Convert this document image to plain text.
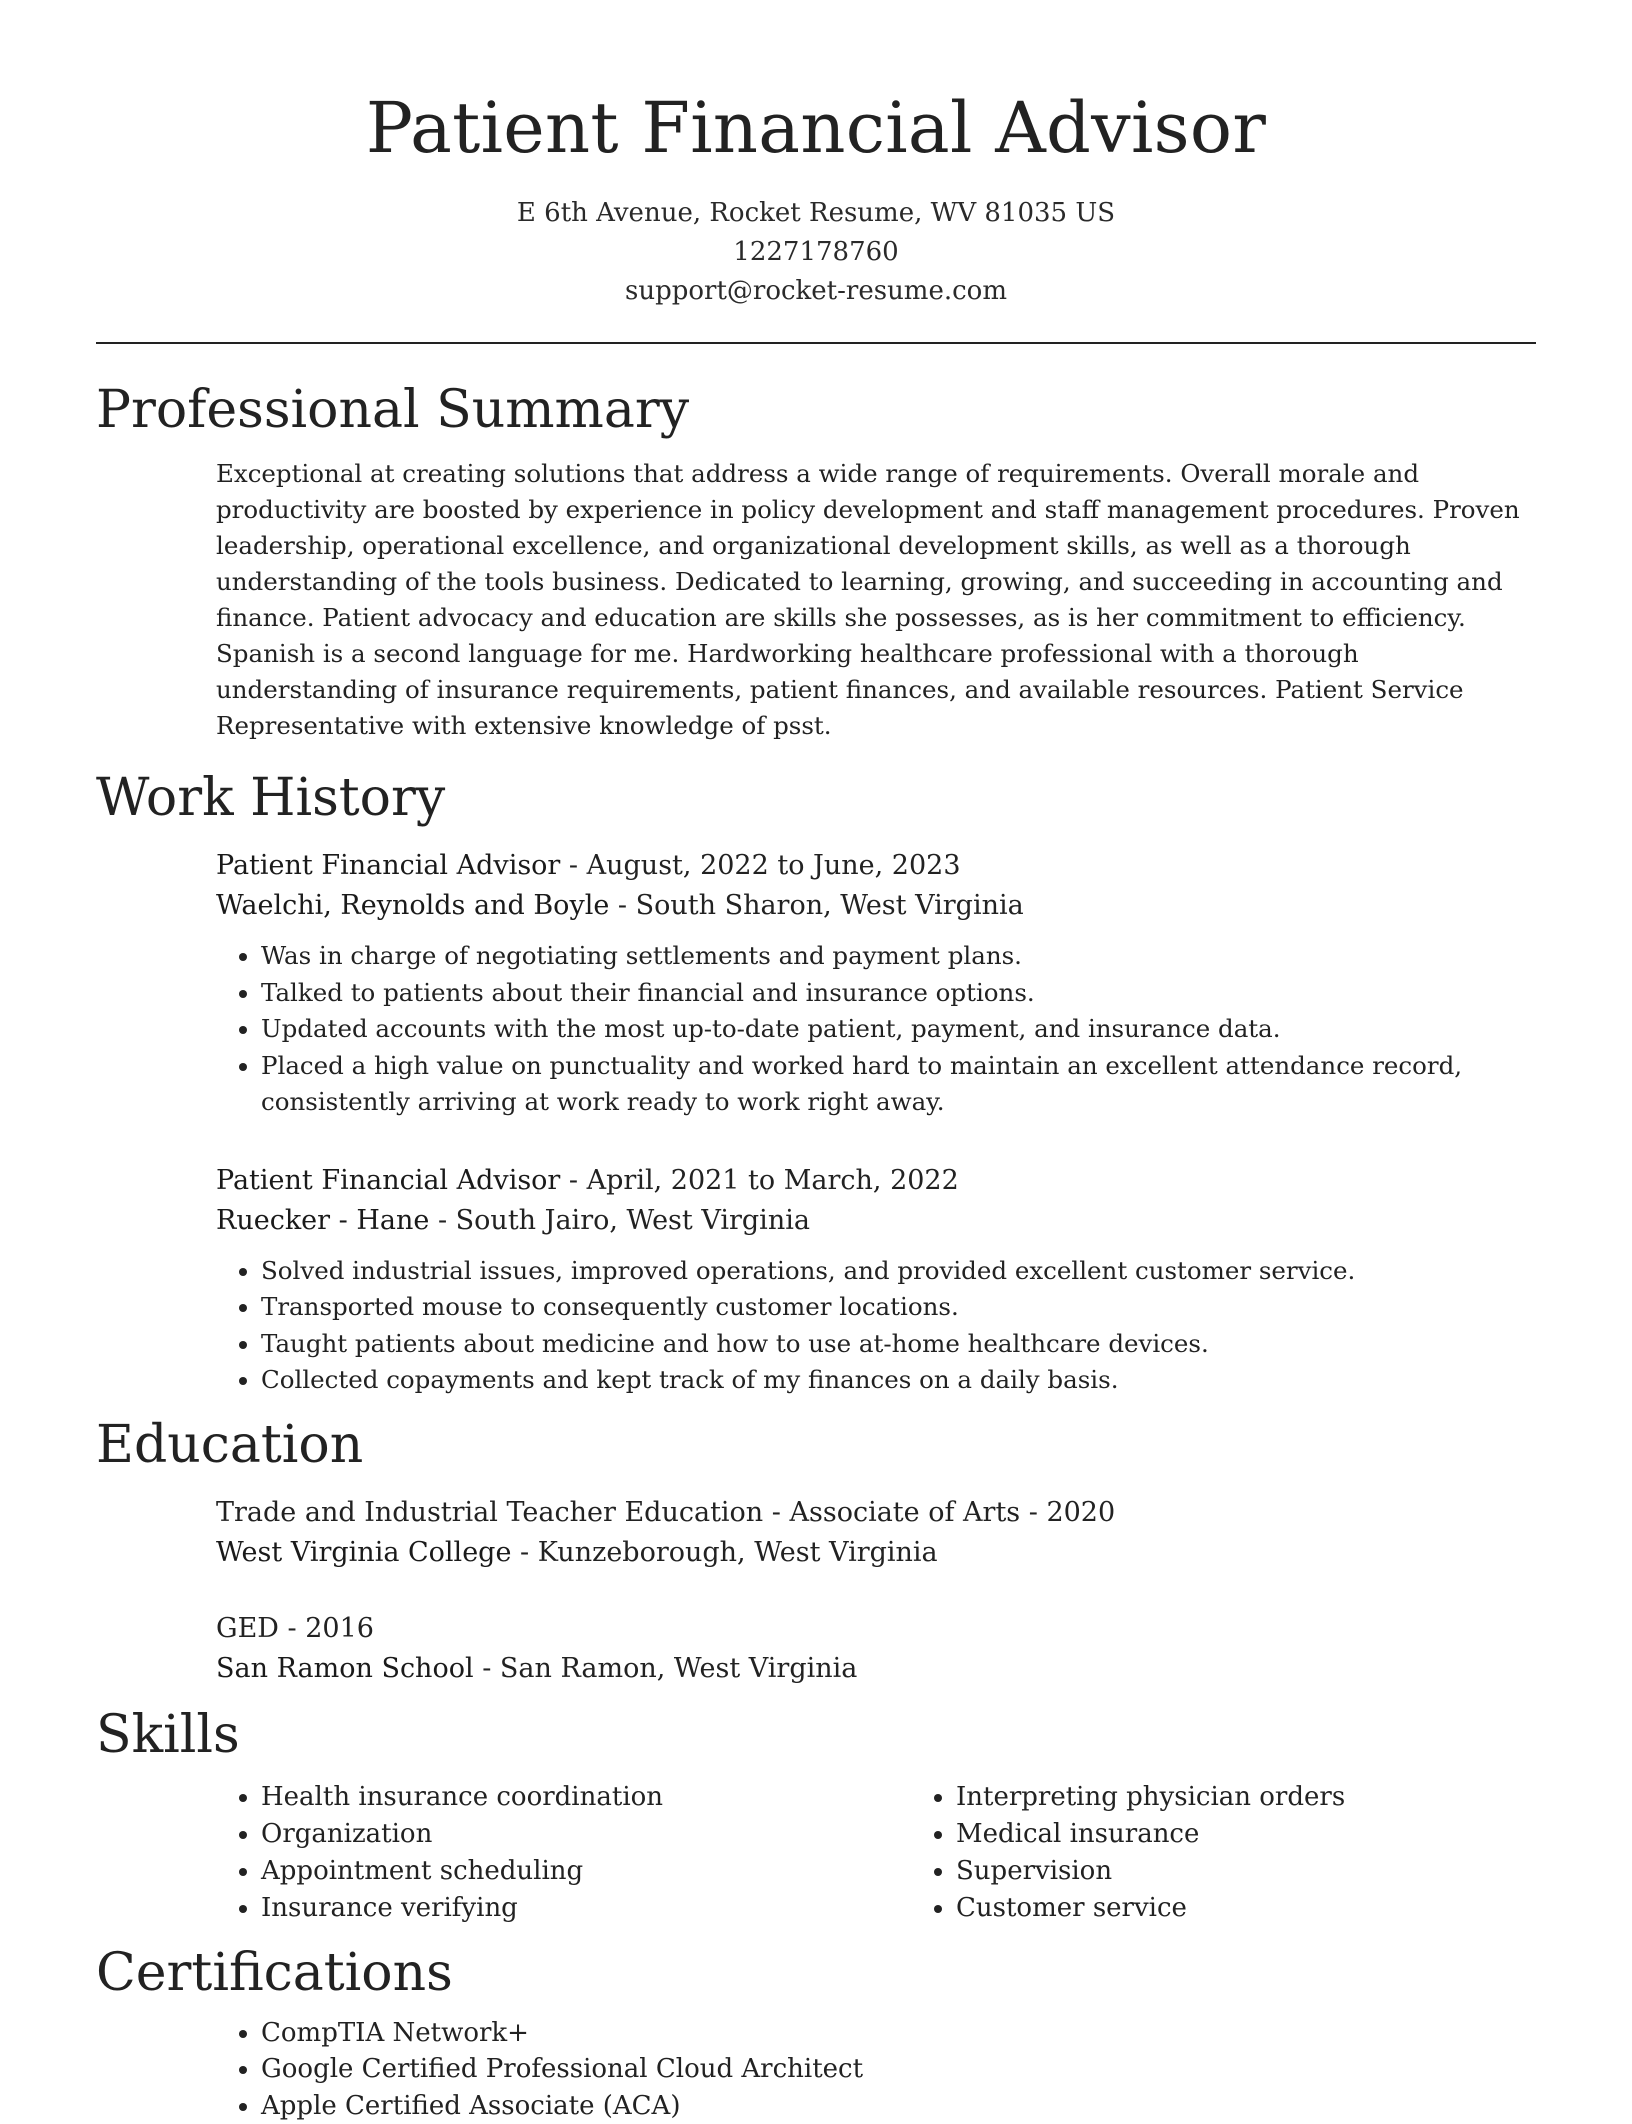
Patient Financial Advisor
E 6th Avenue, Rocket Resume, WV 81035 US
1227178760
support@rocket-resume.com
Professional Summary

Exceptional at creating solutions that address a wide range of requirements. Overall morale and productivity are boosted by experience in policy development and staff management procedures. Proven leadership, operational excellence, and organizational development skills, as well as a thorough understanding of the tools business. Dedicated to learning, growing, and succeeding in accounting and finance. Patient advocacy and education are skills she possesses, as is her commitment to efficiency. Spanish is a second language for me. Hardworking healthcare professional with a thorough understanding of insurance requirements, patient finances, and available resources. Patient Service Representative with extensive knowledge of psst.

Work History
Patient Financial Advisor - August, 2022 to June, 2023
Waelchi, Reynolds and Boyle - South Sharon, West Virginia
• Was in charge of negotiating settlements and payment plans.
• Talked to patients about their financial and insurance options.
• Updated accounts with the most up-to-date patient, payment, and insurance data.
• Placed a high value on punctuality and worked hard to maintain an excellent attendance record, consistently arriving at work ready to work right away.
Patient Financial Advisor - April, 2021 to March, 2022
Ruecker - Hane - South Jairo, West Virginia
• Solved industrial issues, improved operations, and provided excellent customer service.
• Transported mouse to consequently customer locations.
• Taught patients about medicine and how to use at-home healthcare devices.
• Collected copayments and kept track of my finances on a daily basis.
Education
Trade and Industrial Teacher Education - Associate of Arts - 2020
West Virginia College - Kunzeborough, West Virginia
GED - 2016
San Ramon School - San Ramon, West Virginia
Skills
• Health insurance coordination
• Organization
• Appointment scheduling
• Insurance verifying
• Interpreting physician orders
• Medical insurance
• Supervision
• Customer service
Certifications
• CompTIA Network+
• Google Certified Professional Cloud Architect
• Apple Certified Associate (ACA)
